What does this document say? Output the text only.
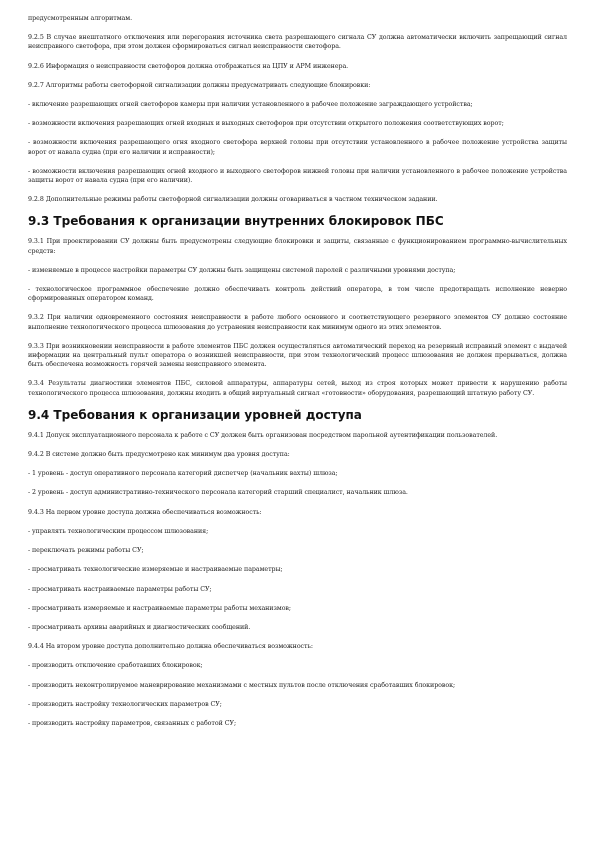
предусмотренным алгоритмам.

9.2.5 В случае внештатного отключения или перегорания источника света разрешающего сигнала СУ должна автоматически включить запрещающий сигнал неисправного светофора, при этом должен сформироваться сигнал неисправности светофора.

9.2.6 Информация о неисправности светофоров должна отображаться на ЦПУ и АРМ инженера.

9.2.7 Алгоритмы работы светофорной сигнализации должны предусматривать следующие блокировки:

- включение разрешающих огней светофоров камеры при наличии установленного в рабочее положение заграждающего устройства;

- возможности включения разрешающих огней входных и выходных светофоров при отсутствии открытого положения соответствующих ворот;

- возможности включения разрешающего огня входного светофора верхней головы при отсутствии установленного в рабочее положение устройства защиты ворот от навала судна (при его наличии и исправности);

- возможности включения разрешающих огней входного и выходного светофоров нижней головы при наличии установленного в рабочее положение устройства защиты ворот от навала судна (при его наличии).

9.2.8 Дополнительные режимы работы светофорной сигнализации должны оговариваться в частном техническом задании.

9.3 Требования к организации внутренних блокировок ПБС

9.3.1 При проектировании СУ должны быть предусмотрены следующие блокировки и защиты, связанные с функционированием программно-вычислительных средств:

- изменяемые в процессе настройки параметры СУ должны быть защищены системой паролей с различными уровнями доступа;

- технологическое программное обеспечение должно обеспечивать контроль действий оператора, в том числе предотвращать исполнение неверно сформированных оператором команд.

9.3.2 При наличии одновременного состояния неисправности в работе любого основного и соответствующего резервного элементов СУ должно состояние выполнение технологического процесса шлюзования до устранения неисправности как минимум одного из этих элементов.

9.3.3 При возникновении неисправности в работе элементов ПБС должен осуществляться автоматический переход на резервный исправный элемент с выдачей информации на центральный пульт оператора о возникшей неисправности, при этом технологический процесс шлюзования не должен прерываться, должна быть обеспечена возможность горячей замены неисправного элемента.

9.3.4 Результаты диагностики элементов ПБС, силовой аппаратуры, аппаратуры сетей, выход из строя которых может привести к нарушению работы технологического процесса шлюзования, должны входить в общий виртуальный сигнал «готовности» оборудования, разрешающий штатную работу СУ.

9.4 Требования к организации уровней доступа

9.4.1 Допуск эксплуатационного персонала к работе с СУ должен быть организован посредством парольной аутентификации пользователей.

9.4.2 В системе должно быть предусмотрено как минимум два уровня доступа:

- 1 уровень - доступ оперативного персонала категорий диспетчер (начальник вахты) шлюза;

- 2 уровень - доступ административно-технического персонала категорий старший специалист, начальник шлюза.

9.4.3 На первом уровне доступа должна обеспечиваться возможность:

- управлять технологическим процессом шлюзования;

- переключать режимы работы СУ;

- просматривать технологические измеряемые и настраиваемые параметры;

- просматривать настраиваемые параметры работы СУ;

- просматривать измеряемые и настраиваемые параметры работы механизмов;

- просматривать архивы аварийных и диагностических сообщений.

9.4.4 На втором уровне доступа дополнительно должна обеспечиваться возможность:

- производить отключение сработавших блокировок;

- производить неконтролируемое маневрирование механизмами с местных пультов после отключения сработавших блокировок;

- производить настройку технологических параметров СУ;

- производить настройку параметров, связанных с работой СУ;
